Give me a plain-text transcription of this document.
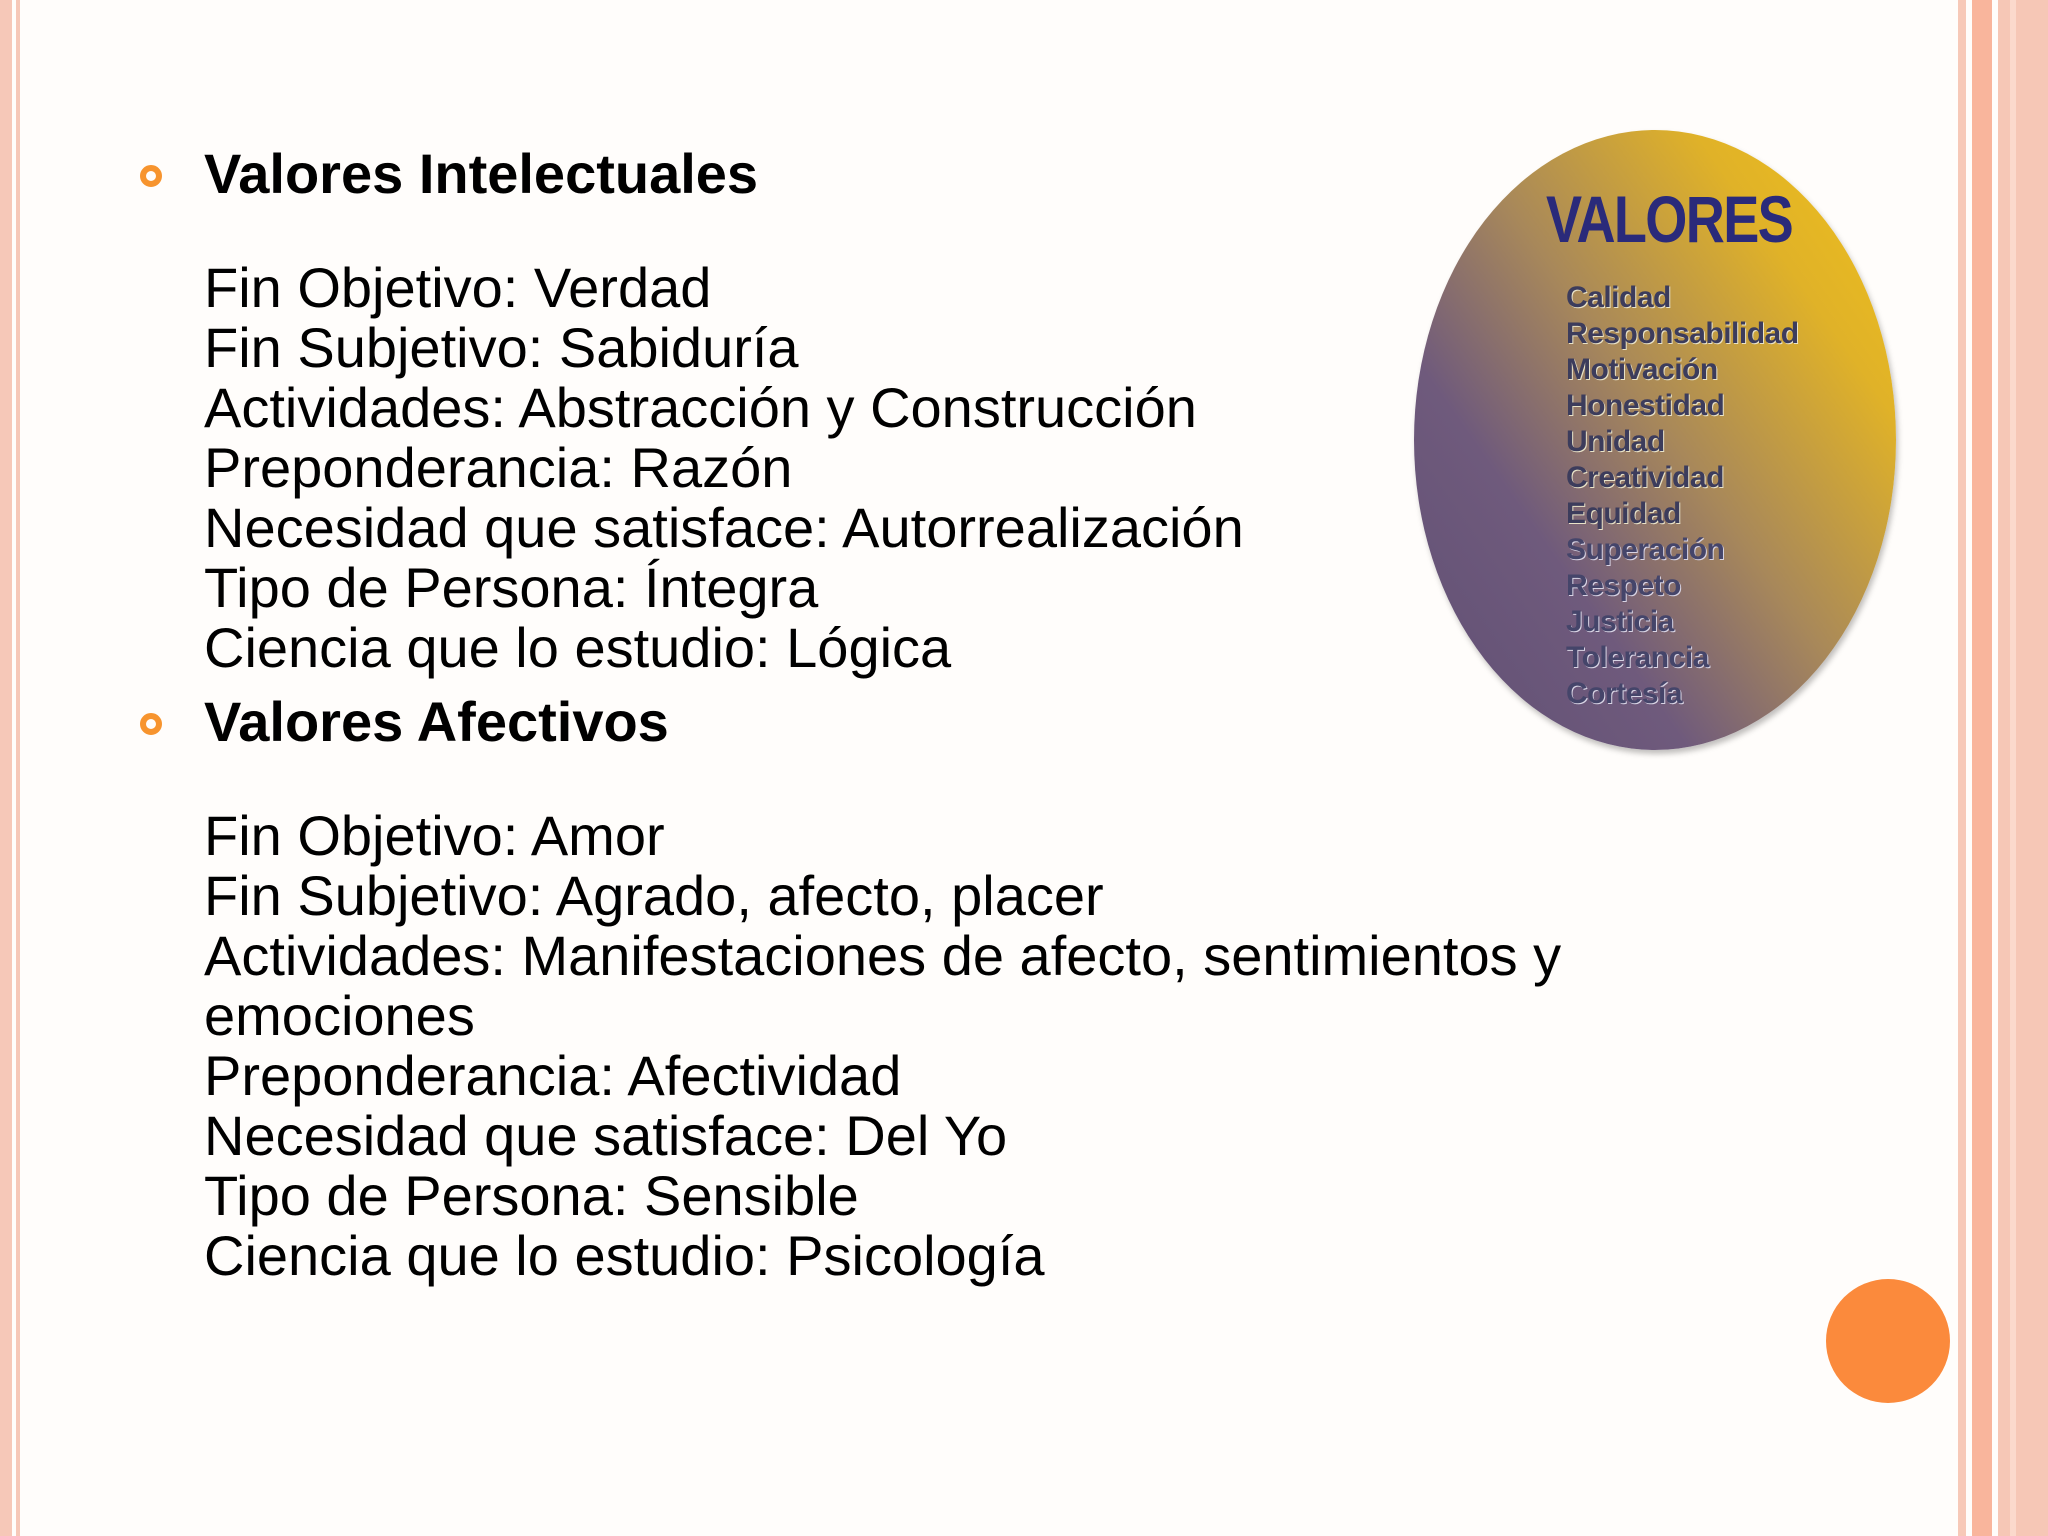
Valores Intelectuales
Fin Objetivo: Verdad
Fin Subjetivo: Sabiduría
Actividades: Abstracción y Construcción
Preponderancia: Razón
Necesidad que satisface: Autorrealización
Tipo de Persona: Íntegra
Ciencia que lo estudio: Lógica
Valores Afectivos
Fin Objetivo: Amor
Fin Subjetivo: Agrado, afecto, placer
Actividades: Manifestaciones de afecto, sentimientos y emociones
Preponderancia: Afectividad
Necesidad que satisface: Del Yo
Tipo de Persona: Sensible
Ciencia que lo estudio: Psicología
VALORES
Calidad
Responsabilidad
Motivación
Honestidad
Unidad
Creatividad
Equidad
Superación
Respeto
Justicia
Tolerancia
Cortesía
